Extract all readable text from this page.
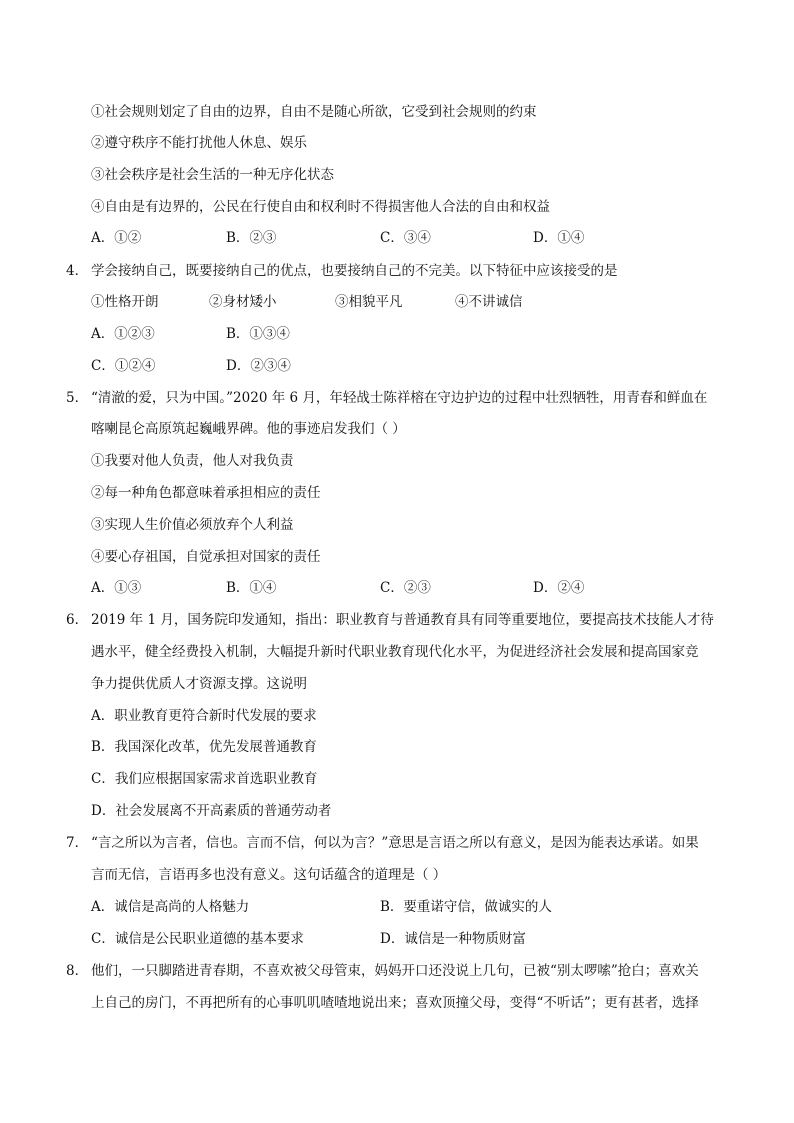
①社会规则划定了自由的边界，自由不是随心所欲，它受到社会规则的约束
②遵守秩序不能打扰他人休息、娱乐
③社会秩序是社会生活的一种无序化状态
④自由是有边界的，公民在行使自由和权利时不得损害他人合法的自由和权益
A．①②	B．②③	C．③④	D．①④
4． 学会接纳自己，既要接纳自己的优点，也要接纳自己的不完美。以下特征中应该接受的是
①性格开朗	②身材矮小	③相貌平凡	④不讲诚信
A．①②③	B．①③④
C．①②④	D．②③④
5． “清澈的爱，只为中国。”2020 年 6 月，年轻战士陈祥榕在守边护边的过程中壮烈牺牲，用青春和鲜血在
喀喇昆仑高原筑起巍峨界碑。他的事迹启发我们（ ）
①我要对他人负责，他人对我负责
②每一种角色都意味着承担相应的责任
③实现人生价值必须放弃个人利益
④要心存祖国，自觉承担对国家的责任
A．①③	B．①④	C．②③	D．②④
6． 2019 年 1 月，国务院印发通知，指出：职业教育与普通教育具有同等重要地位，要提高技术技能人才待
遇水平，健全经费投入机制，大幅提升新时代职业教育现代化水平，为促进经济社会发展和提高国家竞
争力提供优质人才资源支撑。这说明
A．职业教育更符合新时代发展的要求
B．我国深化改革，优先发展普通教育
C．我们应根据国家需求首选职业教育
D．社会发展离不开高素质的普通劳动者
7． “言之所以为言者，信也。言而不信，何以为言？”意思是言语之所以有意义，是因为能表达承诺。如果
言而无信，言语再多也没有意义。这句话蕴含的道理是（ ）
A．诚信是高尚的人格魅力	B．要重诺守信，做诚实的人
C．诚信是公民职业道德的基本要求	D．诚信是一种物质财富
8． 他们，一只脚踏进青春期，不喜欢被父母管束，妈妈开口还没说上几句，已被“别太啰嗦”抢白；喜欢关
上自己的房门，不再把所有的心事叽叽喳喳地说出来；喜欢顶撞父母，变得“不听话”；更有甚者，选择
